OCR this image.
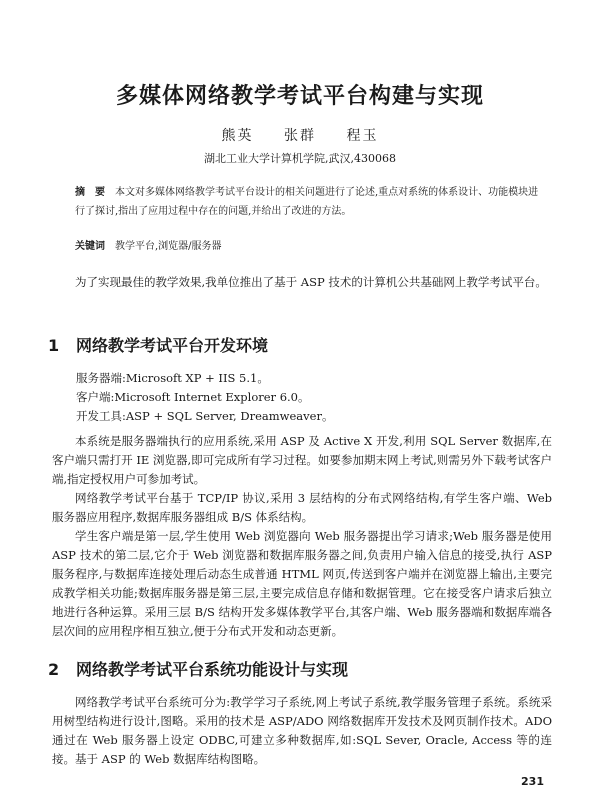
多媒体网络教学考试平台构建与实现
熊英 张群 程玉
湖北工业大学计算机学院,武汉,430068
摘　要 本文对多媒体网络教学考试平台设计的相关问题进行了论述,重点对系统的体系设计、功能模块进行了探讨,指出了应用过程中存在的问题,并给出了改进的方法。
关键词 教学平台,浏览器/服务器

为了实现最佳的教学效果,我单位推出了基于 ASP 技术的计算机公共基础网上教学考试平台。

1 网络教学考试平台开发环境
服务器端:Microsoft XP + IIS 5.1。
客户端:Microsoft Internet Explorer 6.0。
开发工具:ASP + SQL Server, Dreamweaver。

本系统是服务器端执行的应用系统,采用 ASP 及 Active X 开发,利用 SQL Server 数据库,在客户端只需打开 IE 浏览器,即可完成所有学习过程。如要参加期末网上考试,则需另外下载考试客户端,指定授权用户可参加考试。

网络教学考试平台基于 TCP/IP 协议,采用 3 层结构的分布式网络结构,有学生客户端、Web 服务器应用程序,数据库服务器组成 B/S 体系结构。

学生客户端是第一层,学生使用 Web 浏览器向 Web 服务器提出学习请求;Web 服务器是使用 ASP 技术的第二层,它介于 Web 浏览器和数据库服务器之间,负责用户输入信息的接受,执行 ASP 服务程序,与数据库连接处理后动态生成普通 HTML 网页,传送到客户端并在浏览器上输出,主要完成教学相关功能;数据库服务器是第三层,主要完成信息存储和数据管理。它在接受客户请求后独立地进行各种运算。采用三层 B/S 结构开发多媒体教学平台,其客户端、Web 服务器端和数据库端各层次间的应用程序相互独立,便于分布式开发和动态更新。

2 网络教学考试平台系统功能设计与实现

网络教学考试平台系统可分为:教学学习子系统,网上考试子系统,教学服务管理子系统。系统采用树型结构进行设计,图略。采用的技术是 ASP/ADO 网络数据库开发技术及网页制作技术。ADO 通过在 Web 服务器上设定 ODBC,可建立多种数据库,如:SQL Sever, Oracle, Access 等的连接。基于 ASP 的 Web 数据库结构图略。

231
